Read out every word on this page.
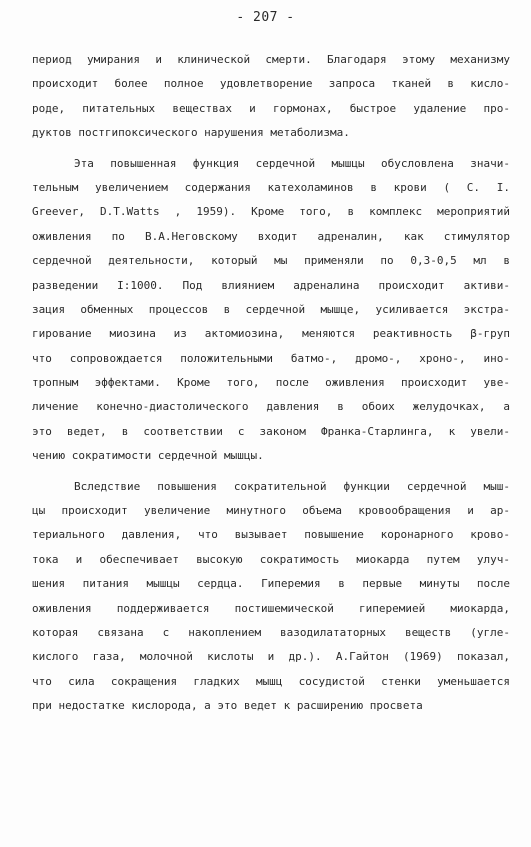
- 207 -
период умирания и клинической смерти. Благодаря этому механизму
происходит более полное удовлетворение запроса тканей в кисло-
роде, питательных веществах и гормонах, быстрое удаление про-
дуктов постгипоксического нарушения метаболизма.
Эта повышенная функция сердечной мышцы обусловлена значи-
тельным увеличением содержания катехоламинов в крови ( C. I.
Greever, D.T.Watts , 1959). Кроме того, в комплекс мероприятий
оживления по В.А.Неговскому входит адреналин, как стимулятор
сердечной деятельности, который мы применяли по 0,3-0,5 мл в
разведении I:1000. Под влиянием адреналина происходит активи-
зация обменных процессов в сердечной мышце, усиливается экстра-
гирование миозина из актомиозина, меняются реактивность β-груп
что сопровождается положительными батмо-, дромо-, хроно-, ино-
тропным эффектами. Кроме того, после оживления происходит уве-
личение конечно-диастолического давления в обоих желудочках, а
это ведет, в соответствии с законом Франка-Старлинга, к увели-
чению сократимости сердечной мышцы.
Вследствие повышения сократительной функции сердечной мыш-
цы происходит увеличение минутного объема кровообращения и ар-
териального давления, что вызывает повышение коронарного крово-
тока и обеспечивает высокую сократимость миокарда путем улуч-
шения питания мышцы сердца. Гиперемия в первые минуты после
оживления поддерживается постишемической гиперемией миокарда,
которая связана с накоплением вазодилататорных веществ (угле-
кислого газа, молочной кислоты и др.). А.Гайтон (1969) показал,
что сила сокращения гладких мышц сосудистой стенки уменьшается
при недостатке кислорода, а это ведет к расширению просвета
